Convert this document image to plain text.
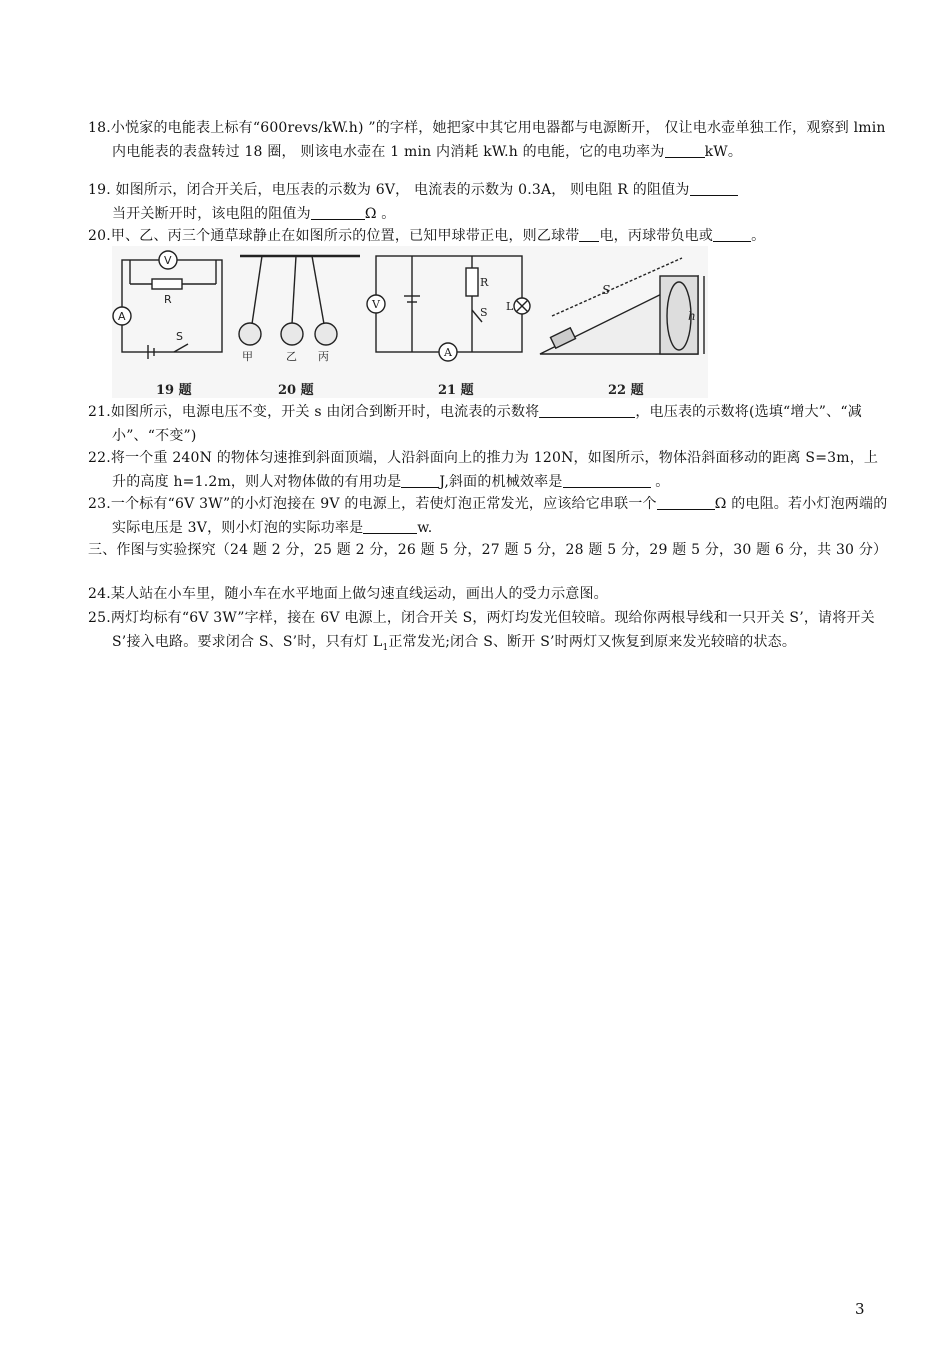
18.小悦家的电能表上标有“600revs/kW.h) ”的字样，她把家中其它用电器都与电源断开， 仅让电水壶单独工作，观察到 lmin 内电能表的表盘转过 18 圈， 则该电水壶在 1 min 内消耗 kW.h 的电能，它的电功率为	kW。
19. 如图所示，闭合开关后，电压表的示数为 6V， 电流表的示数为 0.3A， 则电阻 R 的阻值为
当开关断开时，该电阻的阻值为	Ω 。
20.甲、乙、丙三个通草球静止在如图所示的位置，已知甲球带正电，则乙球带 电，丙球带负电或	。
V
R
A
S
19 题
甲	乙 丙
20 题
V
R
S L
A
21 题
S
h
22 题
21.如图所示，电源电压不变，开关 s 由闭合到断开时，电流表的示数将	，电压表的示数将(选填“增大”、“减小”、“不变”)
22.将一个重 240N 的物体匀速推到斜面顶端，人沿斜面向上的推力为 120N，如图所示，物体沿斜面移动的距离 S=3m，上升的高度 h=1.2m，则人对物体做的有用功是	J,斜面的机械效率是	。
23.一个标有“6V 3W”的小灯泡接在 9V 的电源上，若使灯泡正常发光，应该给它串联一个	Ω 的电阻。若小灯泡两端的实际电压是 3V，则小灯泡的实际功率是	w.
三、作图与实验探究（24 题 2 分，25 题 2 分，26 题 5 分，27 题 5 分，28 题 5 分，29 题 5 分，30 题 6 分，共 30 分）
24.某人站在小车里，随小车在水平地面上做匀速直线运动，画出人的受力示意图。
25.两灯均标有“6V 3W”字样，接在 6V 电源上，闭合开关 S，两灯均发光但较暗。现给你两根导线和一只开关 S’，请将开关 S’接入电路。要求闭合 S、S’时，只有灯 $L_1$正常发光;闭合 S、断开 S’时两灯又恢复到原来发光较暗的状态。
3
